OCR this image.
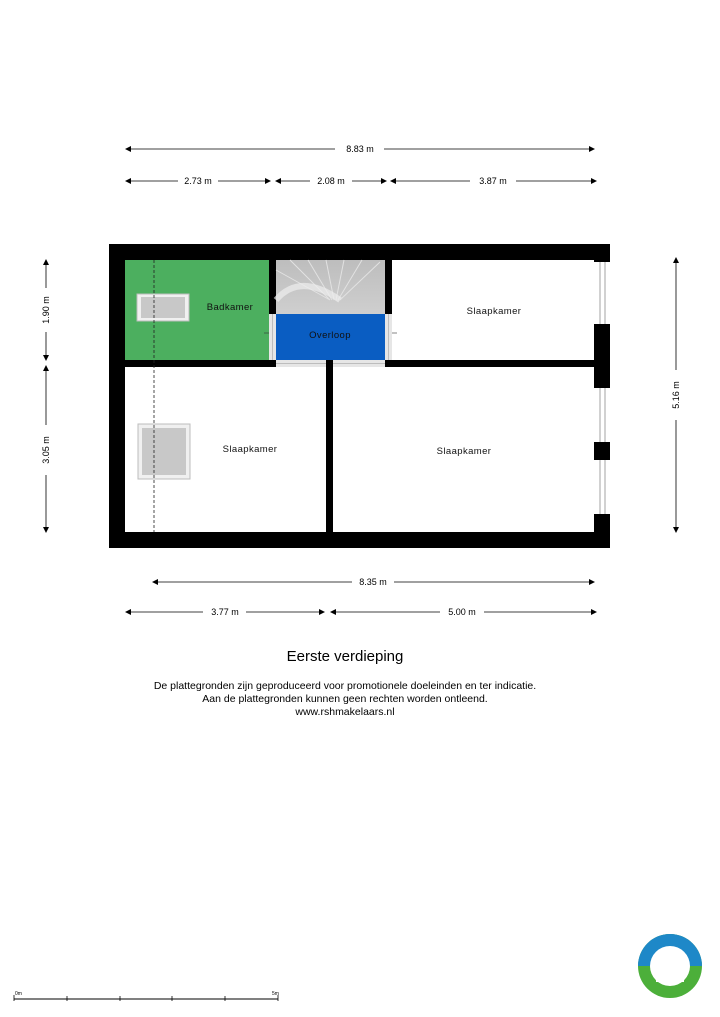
8.83 m
2.73 m	2.08 m	3.87 m
1.90 m
3.05 m
5.16 m
Badkamer
Overloop
Slaapkamer
Slaapkamer	Slaapkamer
8.35 m
3.77 m	5.00 m
0m	5m
Eerste verdieping
De plattegronden zijn geproduceerd voor promotionele doeleinden en ter indicatie.
Aan de plattegronden kunnen geen rechten worden ontleend.
www.rshmakelaars.nl
